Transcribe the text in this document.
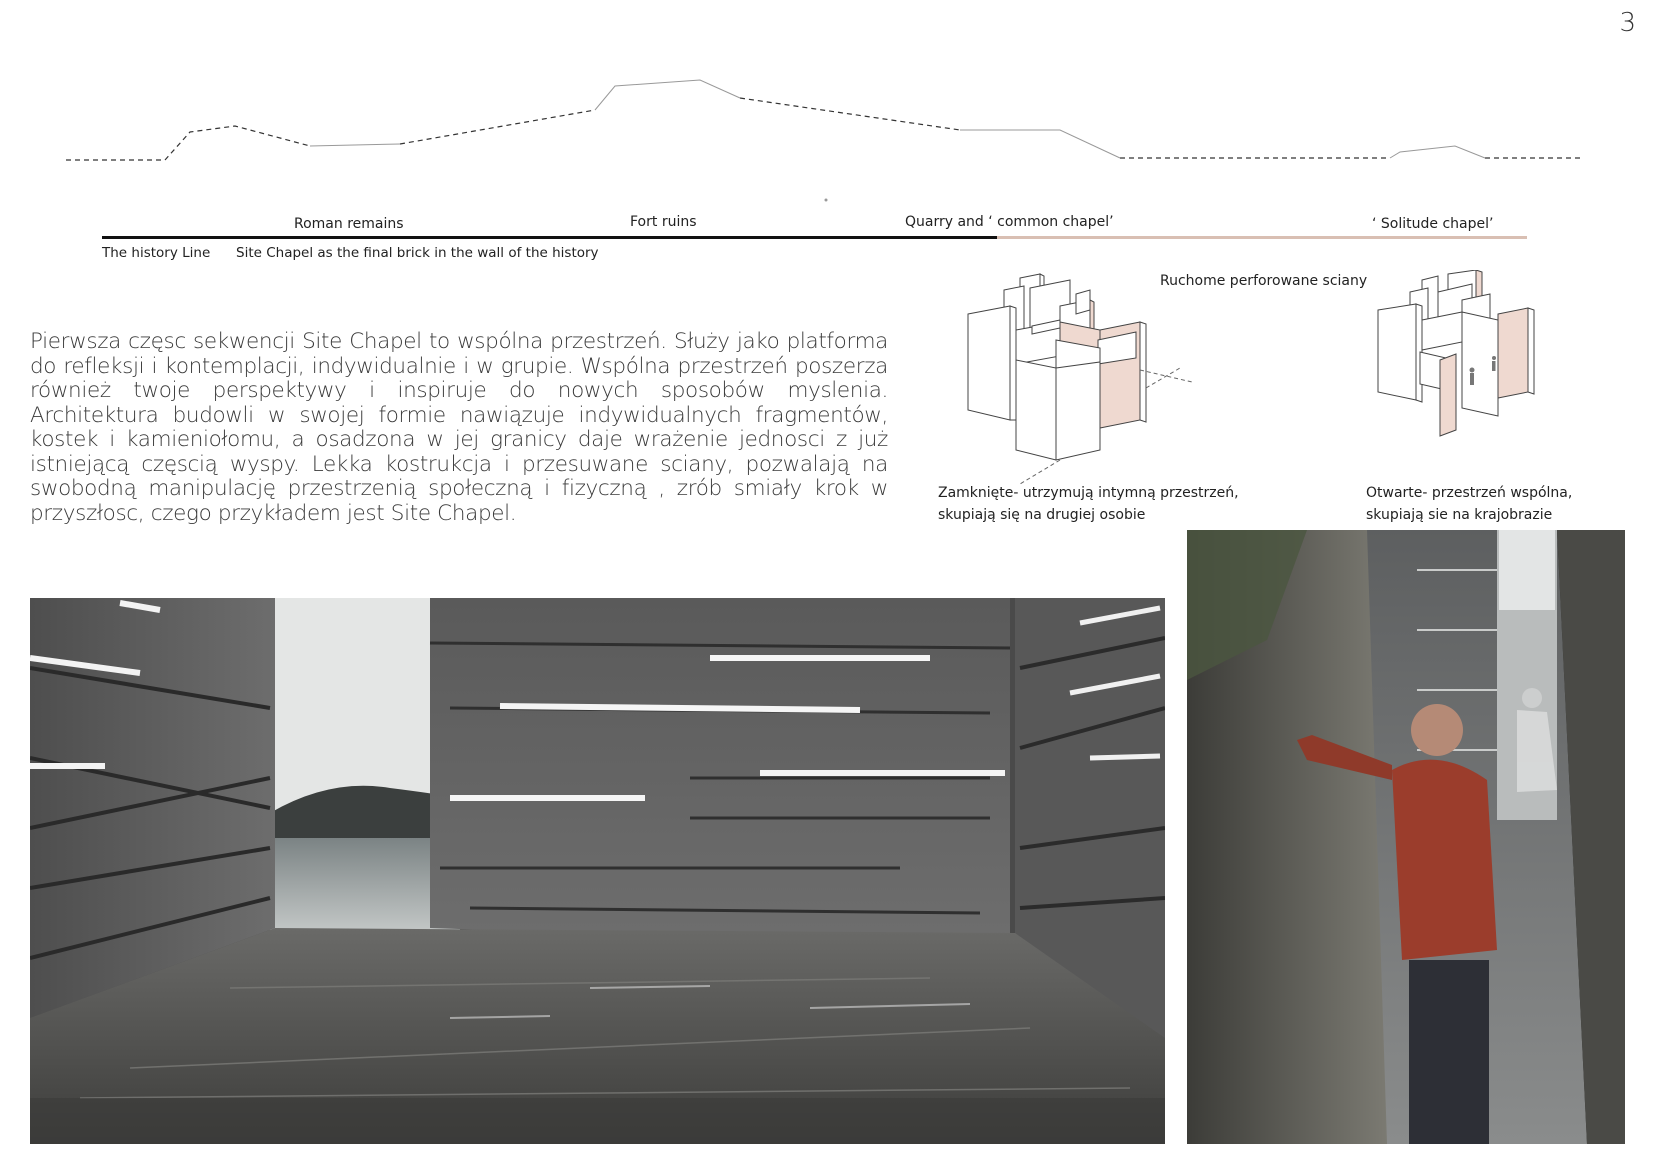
3
Roman remains	Fort ruins	Quarry and ‘ common chapel’	‘ Solitude chapel’
The history Line Site Chapel as the final brick in the wall of the history
Pierwsza częsc sekwencji Site Chapel to wspólna przestrzeń. Służy jako platforma do refleksji i kontemplacji, indywidualnie i w grupie. Wspólna przestrzeń poszerza również twoje perspektywy i inspiruje do nowych sposobów myslenia. Architektura budowli w swojej formie nawiązuje indywidualnych fragmentów, kostek i kamieniołomu, a osadzona w jej granicy daje wrażenie jednosci z już istniejącą częscią wyspy. Lekka kostrukcja i przesuwane sciany, pozwalają na swobodną manipulację przestrzenią społeczną i fizyczną , zrób smiały krok w przyszłosc, czego przykładem jest Site Chapel.
Ruchome perforowane sciany
Zamknięte- utrzymują intymną przestrzeń,
skupiają się na drugiej osobie
Otwarte- przestrzeń wspólna,
skupiają sie na krajobrazie
